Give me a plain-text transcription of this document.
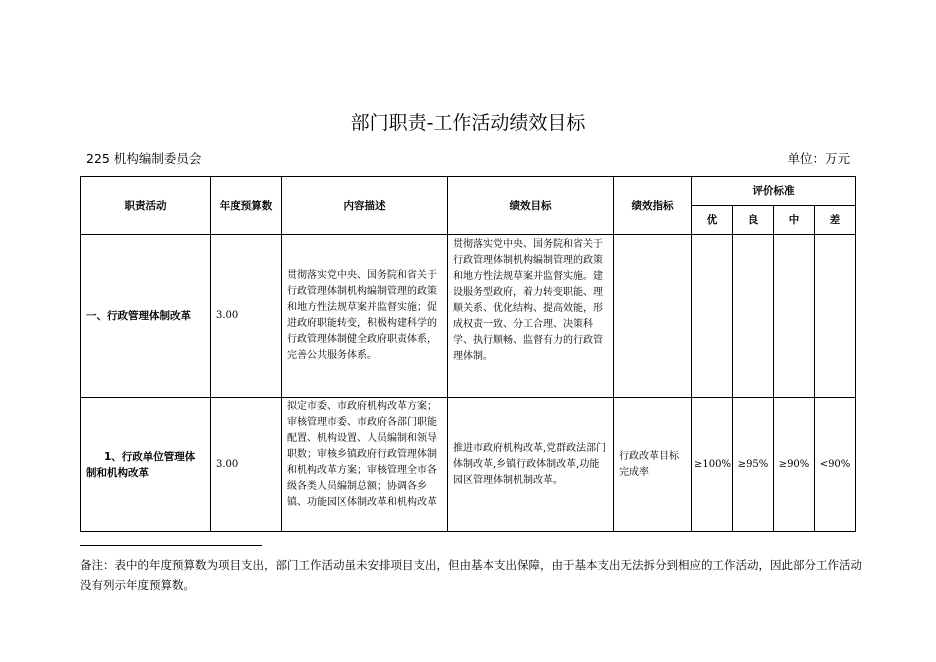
部门职责-工作活动绩效目标
225 机构编制委员会	单位：万元
职责活动	年度预算数	内容描述	绩效目标	绩效指标	评价标准			
					优	良	中	差
一、行政管理体制改革	3.00	贯彻落实党中央、国务院和省关于行政管理体制机构编制管理的政策和地方性法规草案并监督实施；促进政府职能转变，积极构建科学的行政管理体制健全政府职责体系，完善公共服务体系。	贯彻落实党中央、国务院和省关于行政管理体制机构编制管理的政策和地方性法规草案并监督实施。建设服务型政府，着力转变职能、理顺关系、优化结构、提高效能，形成权责一致、分工合理、决策科学、执行顺畅、监督有力的行政管理体制。					
1、行政单位管理体制和机构改革	3.00	拟定市委、市政府机构改革方案；审核管理市委、市政府各部门职能配置、机构设置、人员编制和领导职数；审核乡镇政府行政管理体制和机构改革方案；审核管理全市各级各类人员编制总额；协调各乡镇、功能园区体制改革和机构改革	推进市政府机构改革,党群政法部门体制改革,乡镇行政体制改革,功能园区管理体制机制改革。	行政改革目标完成率	≥100%	≥95%	≥90%	<90%
备注：表中的年度预算数为项目支出，部门工作活动虽未安排项目支出，但由基本支出保障，由于基本支出无法拆分到相应的工作活动，因此部分工作活动没有列示年度预算数。
